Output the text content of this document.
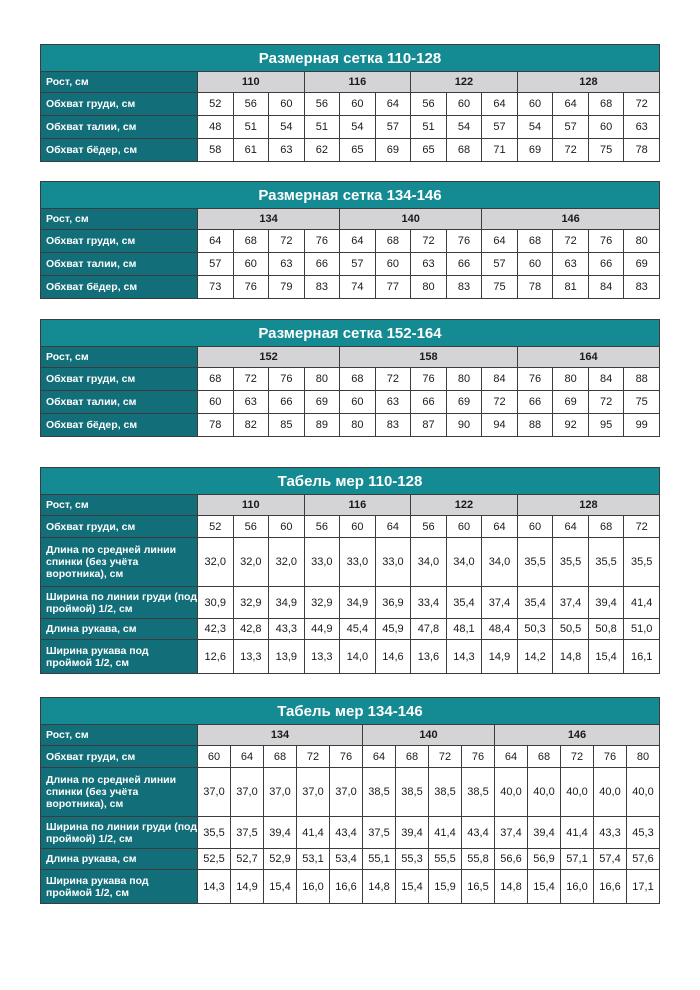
Размерная сетка 110-128													
Рост, см	110			116			122			128			
Обхват груди, см	52	56	60	56	60	64	56	60	64	60	64	68	72
Обхват талии, см	48	51	54	51	54	57	51	54	57	54	57	60	63
Обхват бёдер, см	58	61	63	62	65	69	65	68	71	69	72	75	78
Размерная сетка 134-146													
Рост, см	134				140				146				
Обхват груди, см	64	68	72	76	64	68	72	76	64	68	72	76	80
Обхват талии, см	57	60	63	66	57	60	63	66	57	60	63	66	69
Обхват бёдер, см	73	76	79	83	74	77	80	83	75	78	81	84	83
Размерная сетка 152-164													
Рост, см	152				158					164			
Обхват груди, см	68	72	76	80	68	72	76	80	84	76	80	84	88
Обхват талии, см	60	63	66	69	60	63	66	69	72	66	69	72	75
Обхват бёдер, см	78	82	85	89	80	83	87	90	94	88	92	95	99
Табель мер 110-128													
Рост, см	110			116			122			128			
Обхват груди, см	52	56	60	56	60	64	56	60	64	60	64	68	72
Длина по средней линии спинки (без учёта воротника), см	32,0	32,0	32,0	33,0	33,0	33,0	34,0	34,0	34,0	35,5	35,5	35,5	35,5
Ширина по линии груди (под проймой) 1/2, см	30,9	32,9	34,9	32,9	34,9	36,9	33,4	35,4	37,4	35,4	37,4	39,4	41,4
Длина рукава, см	42,3	42,8	43,3	44,9	45,4	45,9	47,8	48,1	48,4	50,3	50,5	50,8	51,0
Ширина рукава под проймой 1/2, см	12,6	13,3	13,9	13,3	14,0	14,6	13,6	14,3	14,9	14,2	14,8	15,4	16,1
Табель мер 134-146														
Рост, см	134					140				146				
Обхват груди, см	60	64	68	72	76	64	68	72	76	64	68	72	76	80
Длина по средней линии спинки (без учёта воротника), см	37,0	37,0	37,0	37,0	37,0	38,5	38,5	38,5	38,5	40,0	40,0	40,0	40,0	40,0
Ширина по линии груди (под проймой) 1/2, см	35,5	37,5	39,4	41,4	43,4	37,5	39,4	41,4	43,4	37,4	39,4	41,4	43,3	45,3
Длина рукава, см	52,5	52,7	52,9	53,1	53,4	55,1	55,3	55,5	55,8	56,6	56,9	57,1	57,4	57,6
Ширина рукава под проймой 1/2, см	14,3	14,9	15,4	16,0	16,6	14,8	15,4	15,9	16,5	14,8	15,4	16,0	16,6	17,1
